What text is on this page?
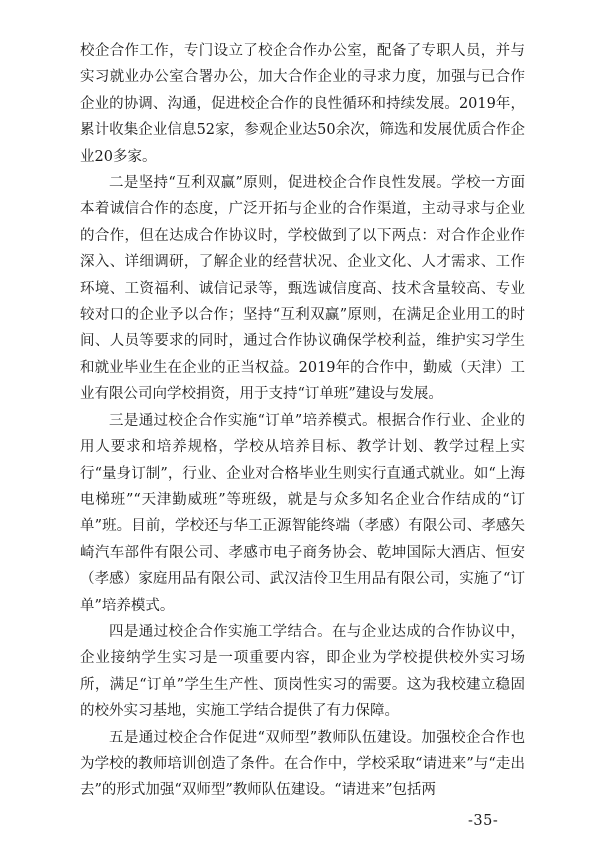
校企合作工作，专门设立了校企合作办公室，配备了专职人员，并与实习就业办公室合署办公，加大合作企业的寻求力度，加强与已合作企业的协调、沟通，促进校企合作的良性循环和持续发展。2019年，累计收集企业信息52家，参观企业达50余次，筛选和发展优质合作企业20多家。

二是坚持“互利双赢”原则，促进校企合作良性发展。学校一方面本着诚信合作的态度，广泛开拓与企业的合作渠道，主动寻求与企业的合作，但在达成合作协议时，学校做到了以下两点：对合作企业作深入、详细调研，了解企业的经营状况、企业文化、人才需求、工作环境、工资福利、诚信记录等，甄选诚信度高、技术含量较高、专业较对口的企业予以合作；坚持“互利双赢”原则，在满足企业用工的时间、人员等要求的同时，通过合作协议确保学校利益，维护实习学生和就业毕业生在企业的正当权益。2019年的合作中，勤威（天津）工业有限公司向学校捐资，用于支持“订单班”建设与发展。

三是通过校企合作实施“订单”培养模式。根据合作行业、企业的用人要求和培养规格，学校从培养目标、教学计划、教学过程上实行“量身订制”，行业、企业对合格毕业生则实行直通式就业。如“上海电梯班”“天津勤威班”等班级，就是与众多知名企业合作结成的“订单”班。目前，学校还与华工正源智能终端（孝感）有限公司、孝感矢崎汽车部件有限公司、孝感市电子商务协会、乾坤国际大酒店、恒安（孝感）家庭用品有限公司、武汉洁伶卫生用品有限公司，实施了“订单”培养模式。

四是通过校企合作实施工学结合。在与企业达成的合作协议中，企业接纳学生实习是一项重要内容，即企业为学校提供校外实习场所，满足“订单”学生生产性、顶岗性实习的需要。这为我校建立稳固的校外实习基地，实施工学结合提供了有力保障。

五是通过校企合作促进“双师型”教师队伍建设。加强校企合作也为学校的教师培训创造了条件。在合作中，学校采取“请进来”与“走出去”的形式加强“双师型”教师队伍建设。“请进来”包括两

-35-
